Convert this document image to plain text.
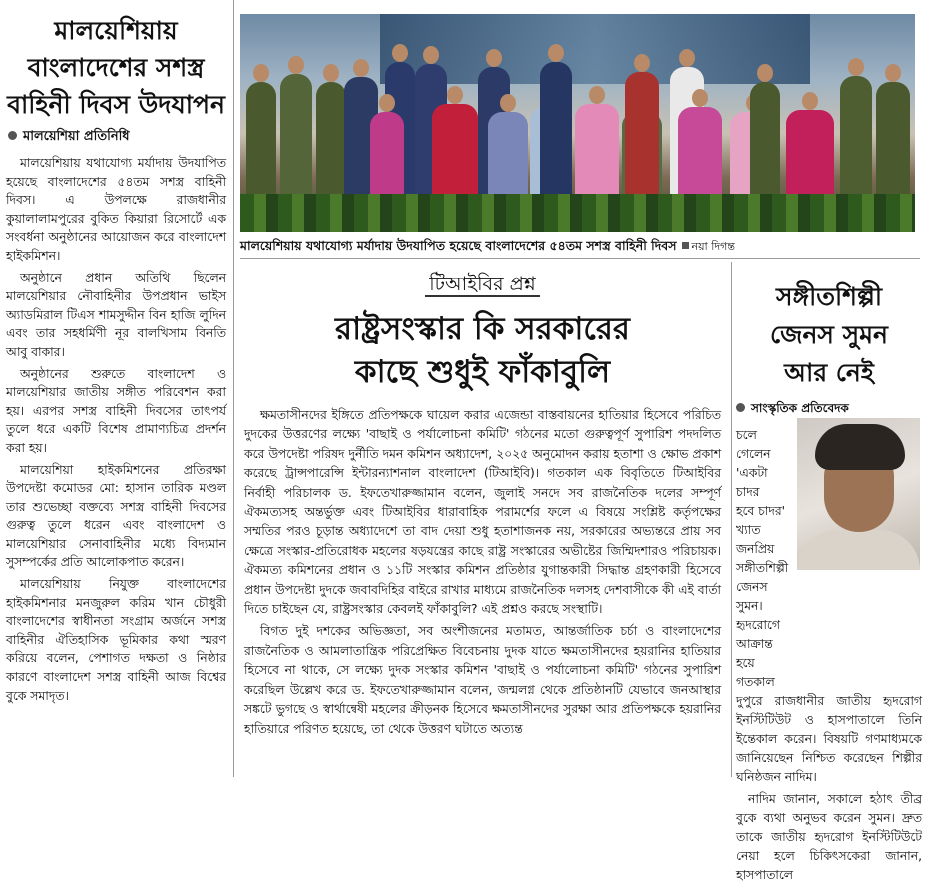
মালয়েশিয়ায়
বাংলাদেশের সশস্ত্র
বাহিনী দিবস উদযাপন
মালয়েশিয়া প্রতিনিধি

মালয়েশিয়ায় যথাযোগ্য মর্যাদায় উদযাপিত হয়েছে বাংলাদেশের ৫৪তম সশস্ত্র বাহিনী দিবস। এ উপলক্ষে রাজধানীর কুয়ালালামপুরের বুকিত কিয়ারা রিসোর্টে এক সংবর্ধনা অনুষ্ঠানের আয়োজন করে বাংলাদেশ হাইকমিশন।

অনুষ্ঠানে প্রধান অতিথি ছিলেন মালয়েশিয়ার নৌবাহিনীর উপপ্রধান ভাইস অ্যাডমিরাল টিএস শামসুদ্দীন বিন হাজি লুদিন এবং তার সহধর্মিণী নূর বালখিসাম বিনতি আবু বাকার।

অনুষ্ঠানের শুরুতে বাংলাদেশ ও মালয়েশিয়ার জাতীয় সঙ্গীত পরিবেশন করা হয়। এরপর সশস্ত্র বাহিনী দিবসের তাৎপর্য তুলে ধরে একটি বিশেষ প্রামাণ্যচিত্র প্রদর্শন করা হয়।

মালয়েশিয়া হাইকমিশনের প্রতিরক্ষা উপদেষ্টা কমোডর মো: হাসান তারিক মণ্ডল তার শুভেচ্ছা বক্তব্যে সশস্ত্র বাহিনী দিবসের গুরুত্ব তুলে ধরেন এবং বাংলাদেশ ও মালয়েশিয়ার সেনাবাহিনীর মধ্যে বিদ্যমান সুসম্পর্কের প্রতি আলোকপাত করেন।

মালয়েশিয়ায় নিযুক্ত বাংলাদেশের হাইকমিশনার মনজুরুল করিম খান চৌধুরী বাংলাদেশের স্বাধীনতা সংগ্রাম অর্জনে সশস্ত্র বাহিনীর ঐতিহাসিক ভূমিকার কথা স্মরণ করিয়ে বলেন, পেশাগত দক্ষতা ও নিষ্ঠার কারণে বাংলাদেশ সশস্ত্র বাহিনী আজ বিশ্বের বুকে সমাদৃত।

মালয়েশিয়ায় যথাযোগ্য মর্যাদায় উদযাপিত হয়েছে বাংলাদেশের ৫৪তম সশস্ত্র বাহিনী দিবস নয়া দিগন্ত
টিআইবির প্রশ্ন
রাষ্ট্রসংস্কার কি সরকারের
কাছে শুধুই ফাঁকাবুলি

ক্ষমতাসীনদের ইঙ্গিতে প্রতিপক্ষকে ঘায়েল করার এজেন্ডা বাস্তবায়নের হাতিয়ার হিসেবে পরিচিত দুদকের উত্তরণের লক্ষ্যে 'বাছাই ও পর্যালোচনা কমিটি' গঠনের মতো গুরুত্বপূর্ণ সুপারিশ পদদলিত করে উপদেষ্টা পরিষদ দুর্নীতি দমন কমিশন অধ্যাদেশ, ২০২৫ অনুমোদন করায় হতাশা ও ক্ষোভ প্রকাশ করেছে ট্রান্সপারেন্সি ইন্টারন্যাশনাল বাংলাদেশ (টিআইবি)। গতকাল এক বিবৃতিতে টিআইবির নির্বাহী পরিচালক ড. ইফতেখারুজ্জামান বলেন, জুলাই সনদে সব রাজনৈতিক দলের সম্পূর্ণ ঐকমত্যসহ অন্তর্ভুক্ত এবং টিআইবির ধারাবাহিক পরামর্শের ফলে এ বিষয়ে সংশ্লিষ্ট কর্তৃপক্ষের সম্মতির পরও চূড়ান্ত অধ্যাদেশে তা বাদ দেয়া শুধু হতাশাজনক নয়, সরকারের অভ্যন্তরে প্রায় সব ক্ষেত্রে সংস্কার-প্রতিরোধক মহলের ষড়যন্ত্রের কাছে রাষ্ট্র সংস্কারের অভীষ্টের জিম্মিদশারও পরিচায়ক। ঐকমত্য কমিশনের প্রধান ও ১১টি সংস্কার কমিশন প্রতিষ্ঠার যুগান্তকারী সিদ্ধান্ত গ্রহণকারী হিসেবে প্রধান উপদেষ্টা দুদকে জবাবদিহির বাইরে রাখার মাধ্যমে রাজনৈতিক দলসহ দেশবাসীকে কী এই বার্তা দিতে চাইছেন যে, রাষ্ট্রসংস্কার কেবলই ফাঁকাবুলি? এই প্রশ্নও করছে সংস্থাটি।

বিগত দুই দশকের অভিজ্ঞতা, সব অংশীজনের মতামত, আন্তর্জাতিক চর্চা ও বাংলাদেশের রাজনৈতিক ও আমলাতান্ত্রিক পরিপ্রেক্ষিত বিবেচনায় দুদক যাতে ক্ষমতাসীনদের হয়রানির হাতিয়ার হিসেবে না থাকে, সে লক্ষ্যে দুদক সংস্কার কমিশন 'বাছাই ও পর্যালোচনা কমিটি' গঠনের সুপারিশ করেছিল উল্লেখ করে ড. ইফতেখারুজ্জামান বলেন, জন্মলগ্ন থেকে প্রতিষ্ঠানটি যেভাবে জনআস্থার সঙ্কটে ভুগছে ও স্বার্থান্বেষী মহলের ক্রীড়নক হিসেবে ক্ষমতাসীনদের সুরক্ষা আর প্রতিপক্ষকে হয়রানির হাতিয়ারে পরিণত হয়েছে, তা থেকে উত্তরণ ঘটাতে অত্যন্ত

সঙ্গীতশিল্পী
জেনস সুমন
আর নেই
সাংস্কৃতিক প্রতিবেদক
চলে গেলেন
'একটা চাদর
হবে চাদর'
খ্যাত জনপ্রিয়
সঙ্গীতশিল্পী
জেনস সুমন।
হৃদরোগে
আক্রান্ত হয়ে
গতকাল

দুপুরে রাজধানীর জাতীয় হৃদরোগ ইনস্টিটিউট ও হাসপাতালে তিনি ইন্তেকাল করেন। বিষয়টি গণমাধ্যমকে জানিয়েছেন নিশ্চিত করেছেন শিল্পীর ঘনিষ্ঠজন নাদিম।

নাদিম জানান, সকালে হঠাৎ তীব্র বুকে ব্যথা অনুভব করেন সুমন। দ্রুত তাকে জাতীয় হৃদরোগ ইনস্টিটিউটে নেয়া হলে চিকিৎসকেরা জানান, হাসপাতালে
